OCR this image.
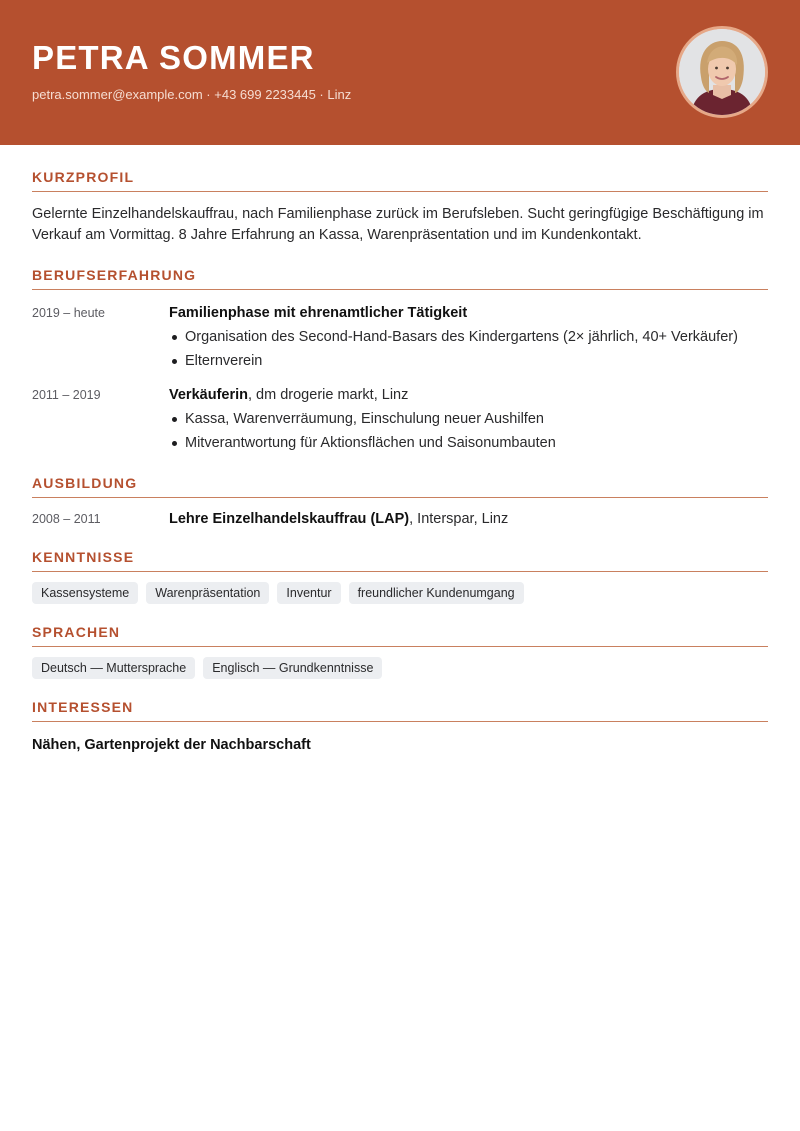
PETRA SOMMER
petra.sommer@example.com · +43 699 2233445 · Linz
KURZPROFIL
Gelernte Einzelhandelskauffrau, nach Familienphase zurück im Berufsleben. Sucht geringfügige Beschäftigung im Verkauf am Vormittag. 8 Jahre Erfahrung an Kassa, Warenpräsentation und im Kundenkontakt.
BERUFSERFAHRUNG
2019 – heute	Familienphase mit ehrenamtlicher Tätigkeit
Organisation des Second-Hand-Basars des Kindergartens (2× jährlich, 40+ Verkäufer)
Elternverein
2011 – 2019	Verkäuferin, dm drogerie markt, Linz
Kassa, Warenverräumung, Einschulung neuer Aushilfen
Mitverantwortung für Aktionsflächen und Saisonumbauten
AUSBILDUNG
2008 – 2011	Lehre Einzelhandelskauffrau (LAP), Interspar, Linz
KENNTNISSE
Kassensysteme	Warenpräsentation	Inventur	freundlicher Kundenumgang
SPRACHEN
Deutsch — Muttersprache	Englisch — Grundkenntnisse
INTERESSEN
Nähen, Gartenprojekt der Nachbarschaft
